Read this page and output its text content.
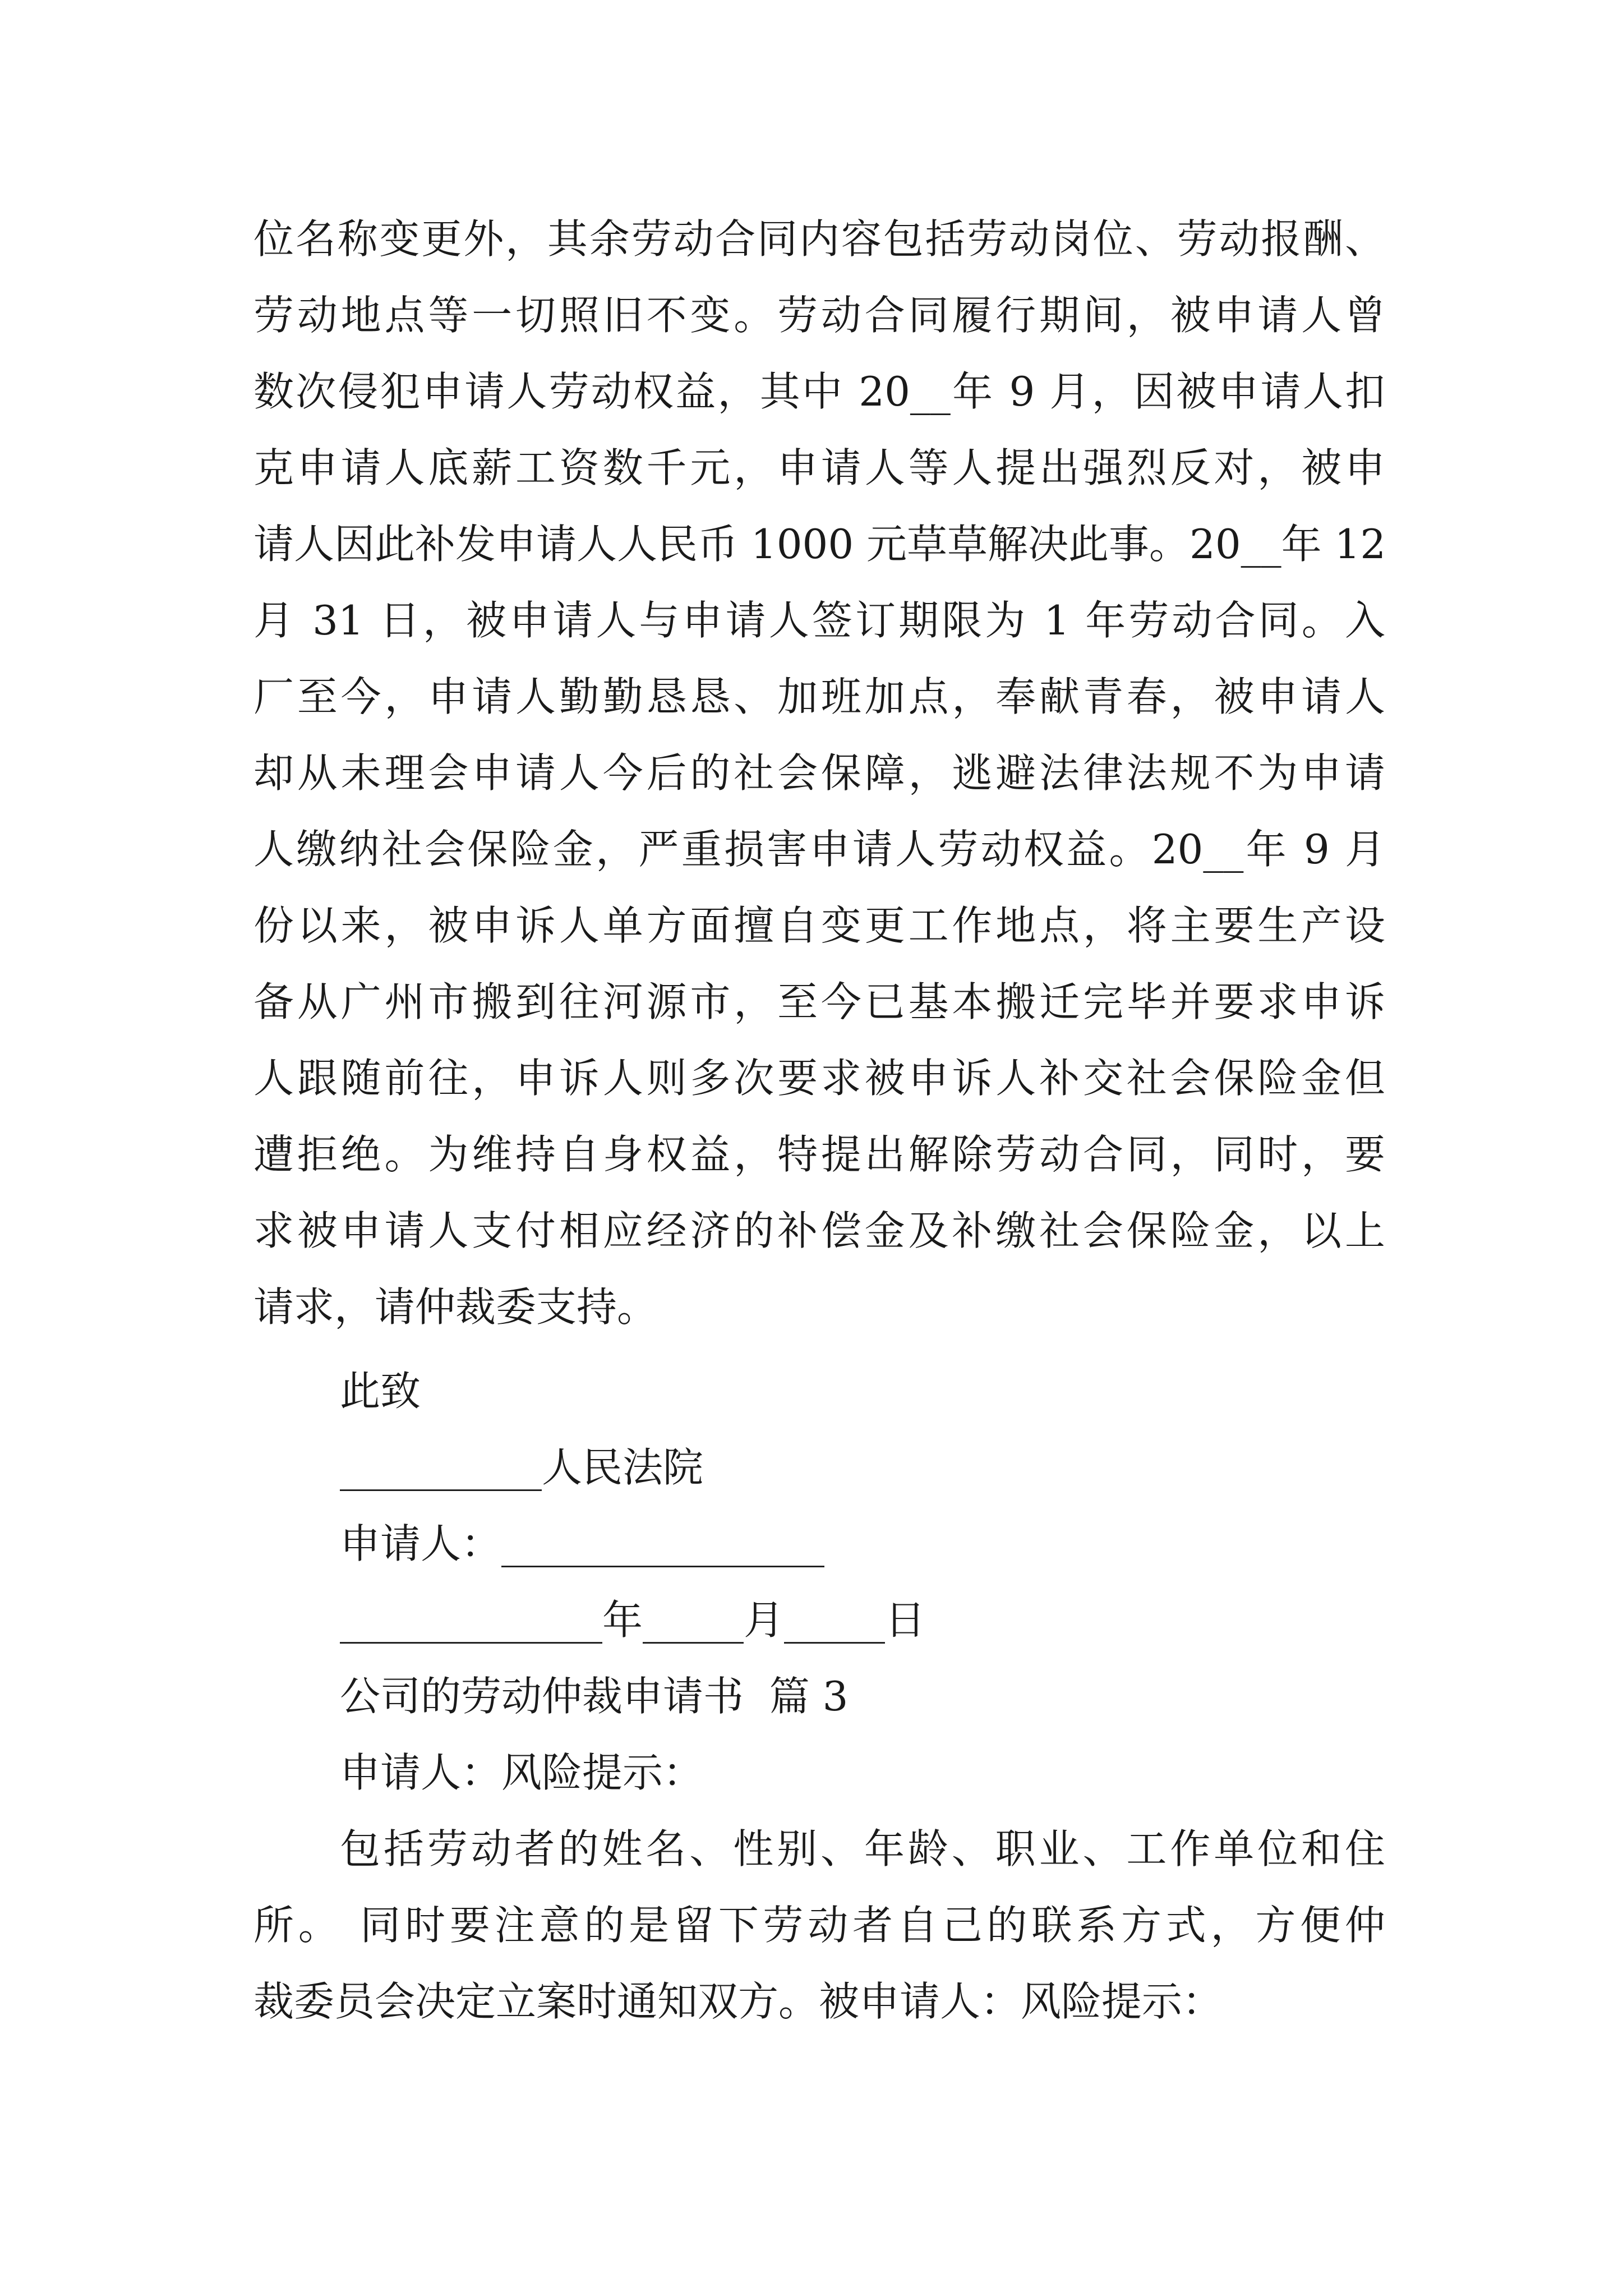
位名称变更外，其余劳动合同内容包括劳动岗位、劳动报酬、
劳动地点等一切照旧不变。劳动合同履行期间，被申请人曾
数次侵犯申请人劳动权益，其中 20__年 9 月，因被申请人扣
克申请人底薪工资数千元，申请人等人提出强烈反对，被申
请人因此补发申请人人民币 1000 元草草解决此事。20__年 12
月 31 日，被申请人与申请人签订期限为 1 年劳动合同。入
厂至今，申请人勤勤恳恳、加班加点，奉献青春，被申请人
却从未理会申请人今后的社会保障，逃避法律法规不为申请
人缴纳社会保险金，严重损害申请人劳动权益。20__年 9 月
份以来，被申诉人单方面擅自变更工作地点，将主要生产设
备从广州市搬到往河源市，至今已基本搬迁完毕并要求申诉
人跟随前往，申诉人则多次要求被申诉人补交社会保险金但
遭拒绝。为维持自身权益，特提出解除劳动合同，同时，要
求被申请人支付相应经济的补偿金及补缴社会保险金，以上
请求，请仲裁委支持。
此致
__________人民法院
申请人：________________
_____________年_____月_____日
公司的劳动仲裁申请书  篇 3
申请人：风险提示：
包括劳动者的姓名、性别、年龄、职业、工作单位和住
所。 同时要注意的是留下劳动者自己的联系方式，方便仲
裁委员会决定立案时通知双方。被申请人：风险提示：
